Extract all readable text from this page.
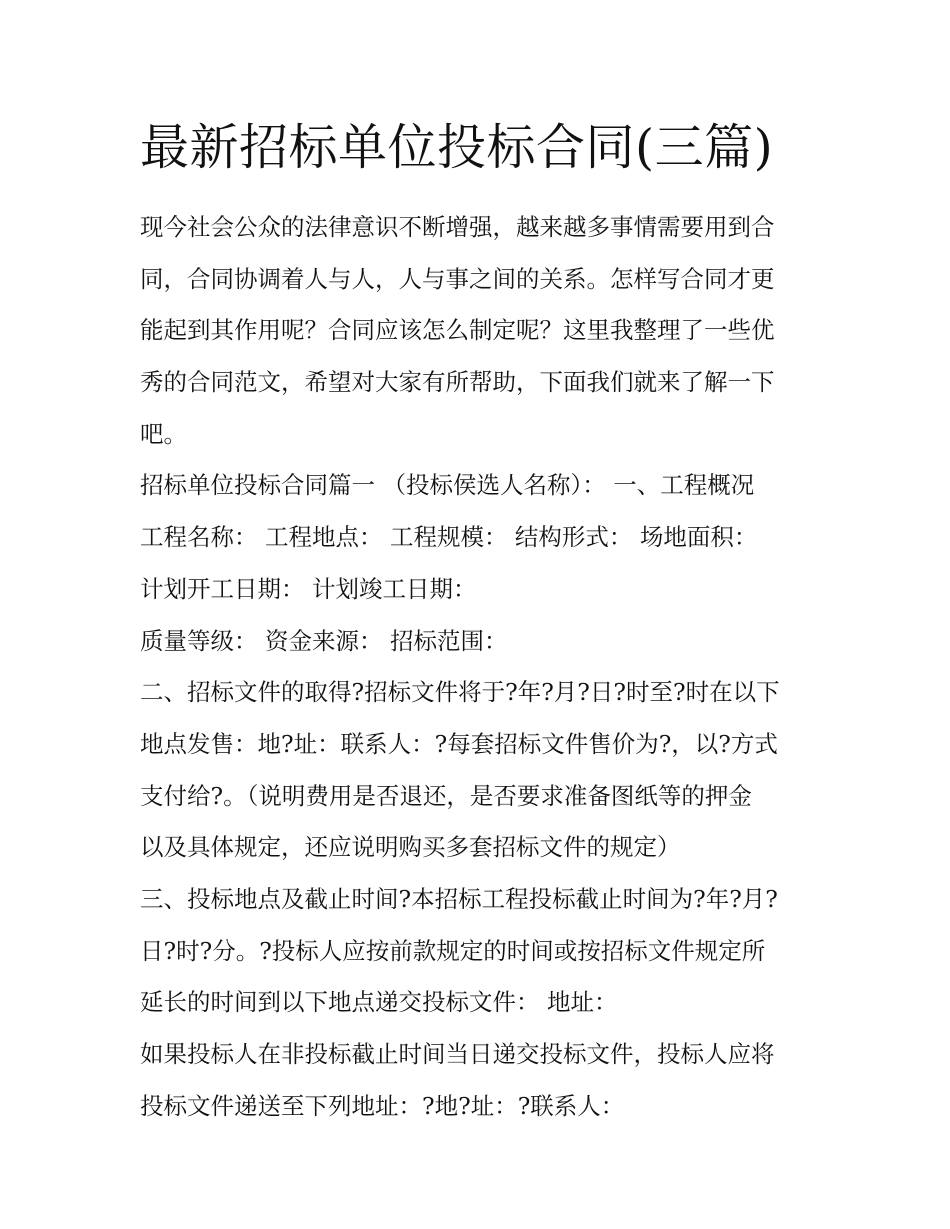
最新招标单位投标合同(三篇)
现今社会公众的法律意识不断增强，越来越多事情需要用到合
同，合同协调着人与人，人与事之间的关系。怎样写合同才更
能起到其作用呢？合同应该怎么制定呢？这里我整理了一些优
秀的合同范文，希望对大家有所帮助，下面我们就来了解一下
吧。
招标单位投标合同篇一 （投标侯选人名称）： 一、工程概况
工程名称： 工程地点： 工程规模： 结构形式： 场地面积：
计划开工日期： 计划竣工日期：
质量等级： 资金来源： 招标范围：
二、招标文件的取得?招标文件将于?年?月?日?时至?时在以下
地点发售：地?址：联系人：?每套招标文件售价为?，以?方式
支付给?。（说明费用是否退还，是否要求准备图纸等的押金
以及具体规定，还应说明购买多套招标文件的规定）
三、投标地点及截止时间?本招标工程投标截止时间为?年?月?
日?时?分。?投标人应按前款规定的时间或按招标文件规定所
延长的时间到以下地点递交投标文件： 地址：
如果投标人在非投标截止时间当日递交投标文件，投标人应将
投标文件递送至下列地址：?地?址：?联系人：
